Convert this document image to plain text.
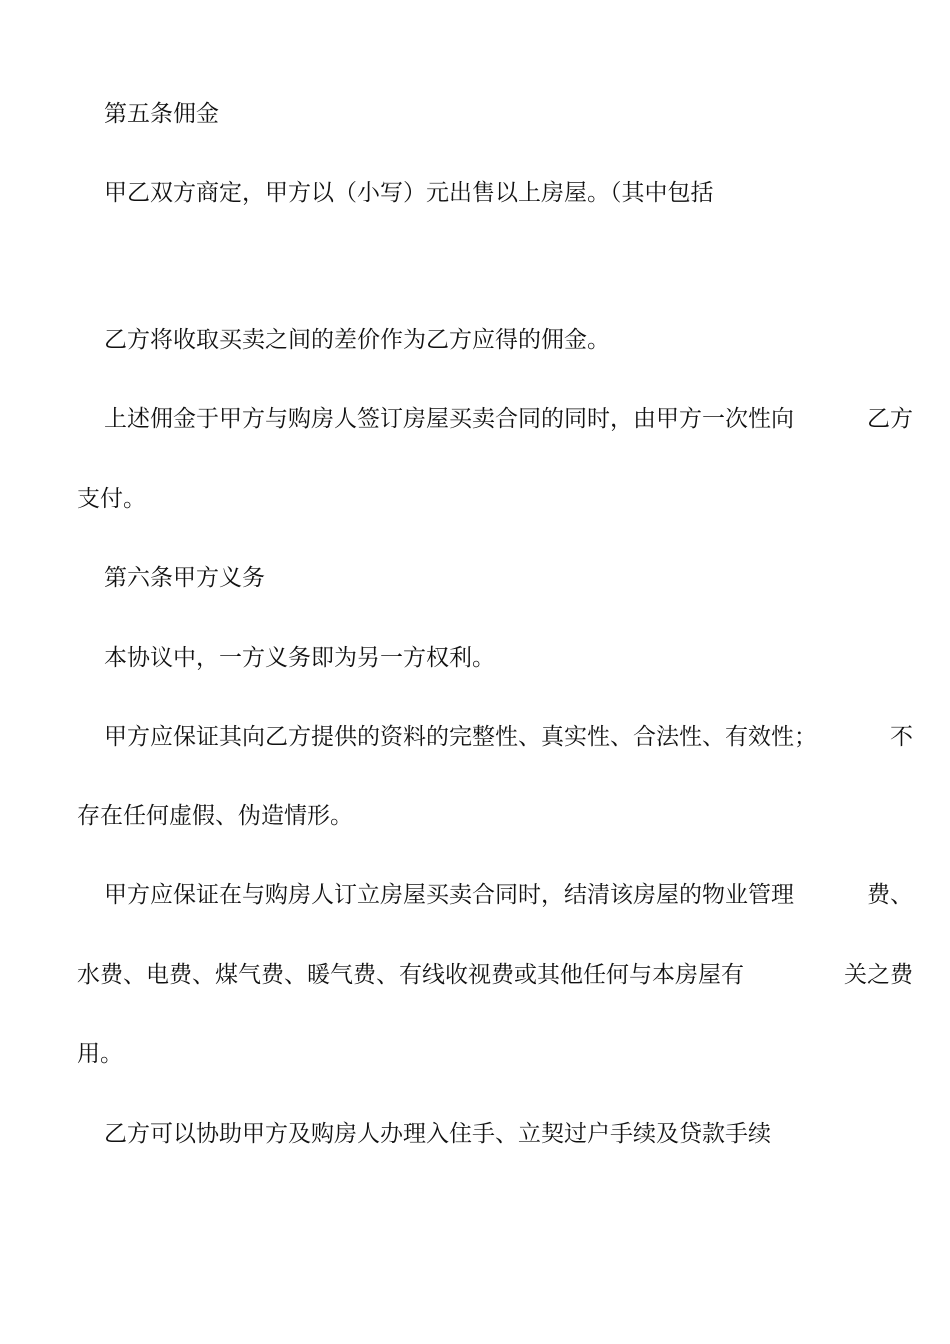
第五条佣金
甲乙双方商定，甲方以（小写）元出售以上房屋。（其中包括
乙方将收取买卖之间的差价作为乙方应得的佣金。
上述佣金于甲方与购房人签订房屋买卖合同的同时，由甲方一次性向	乙方
支付。
第六条甲方义务
本协议中，一方义务即为另一方权利。
甲方应保证其向乙方提供的资料的完整性、真实性、合法性、有效性；	不
存在任何虚假、伪造情形。
甲方应保证在与购房人订立房屋买卖合同时，结清该房屋的物业管理	费、
水费、电费、煤气费、暖气费、有线收视费或其他任何与本房屋有	关之费
用。
乙方可以协助甲方及购房人办理入住手、立契过户手续及贷款手续
